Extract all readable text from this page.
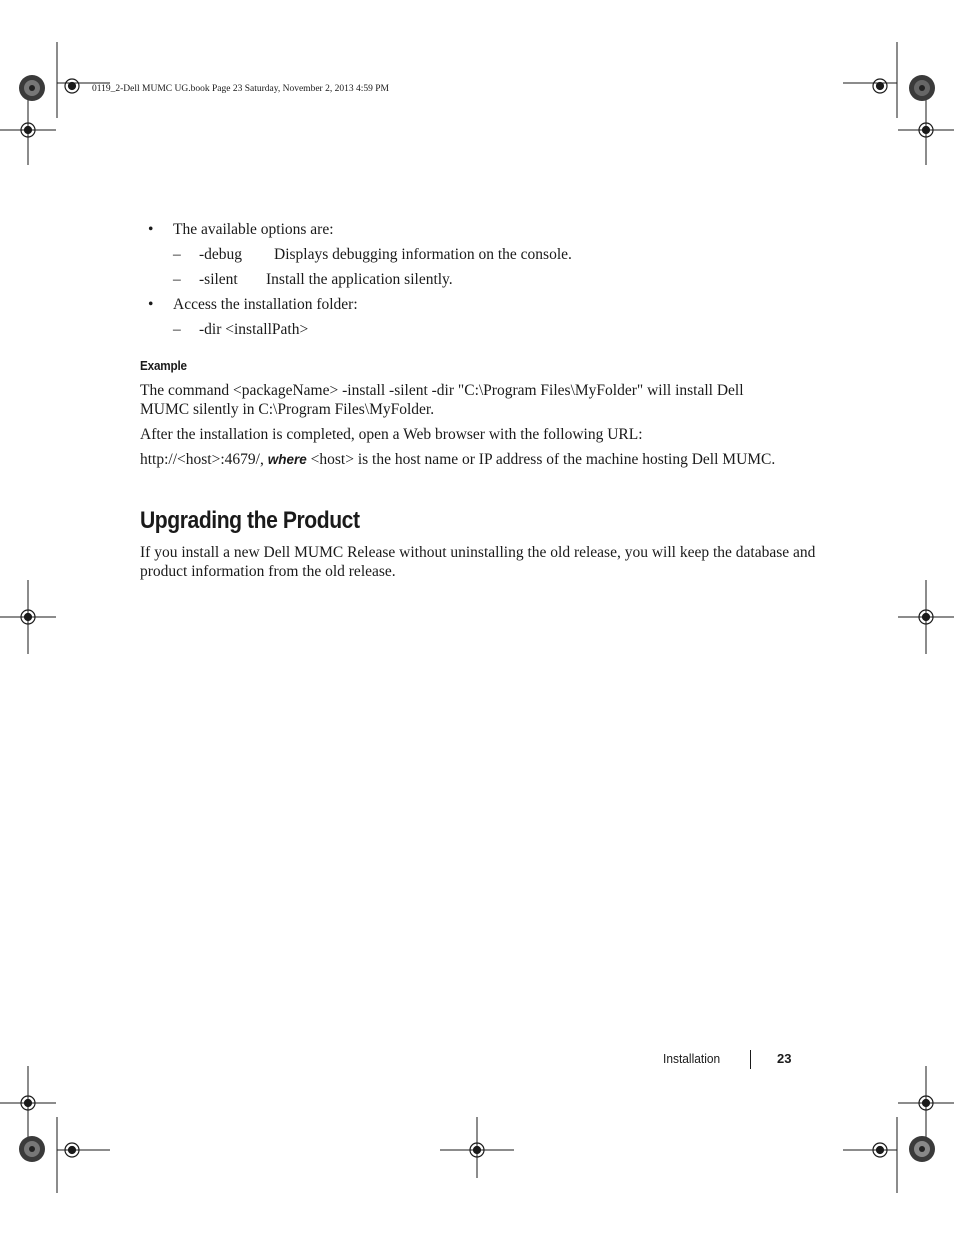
0119_2-Dell MUMC UG.book Page 23 Saturday, November 2, 2013 4:59 PM
• The available options are:
– -debug Displays debugging information on the console.
– -silent Install the application silently.
• Access the installation folder:
– -dir <installPath>
Example
The command <packageName> -install -silent -dir "C:\Program Files\MyFolder" will install Dell MUMC silently in C:\Program Files\MyFolder.
After the installation is completed, open a Web browser with the following URL:
http://<host>:4679/, where <host> is the host name or IP address of the machine hosting Dell MUMC.
Upgrading the Product
If you install a new Dell MUMC Release without uninstalling the old release, you will keep the database and product information from the old release.
Installation	23
